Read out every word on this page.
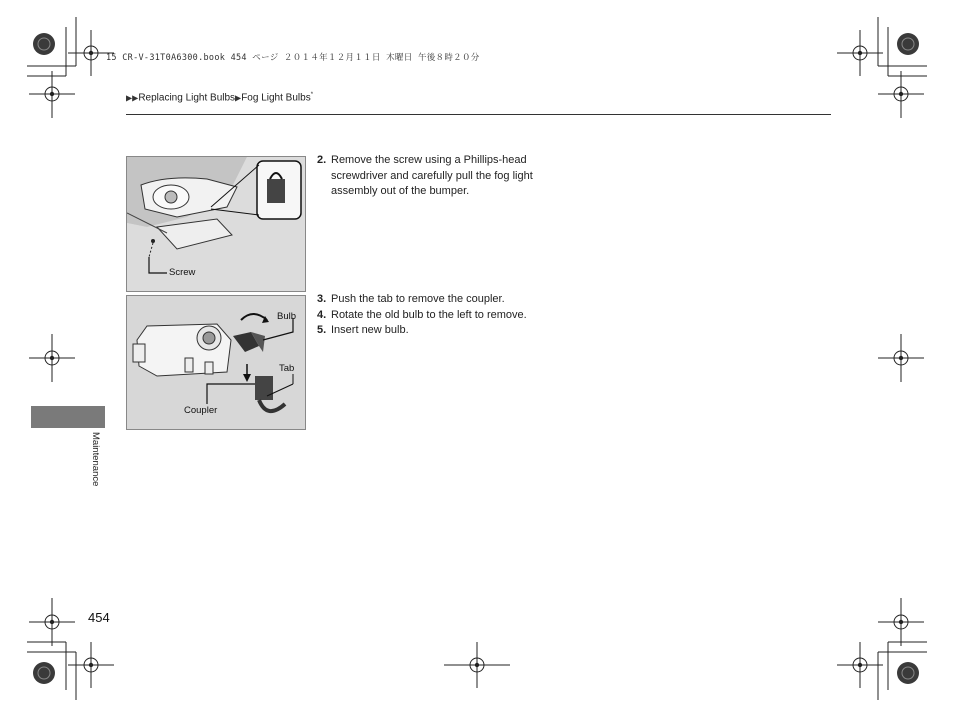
15 CR-V-31T0A6300.book 454 ページ ２０１４年１２月１１日 木曜日 午後８時２０分
▶▶Replacing Light Bulbs▶Fog Light Bulbs*
Screw
Bulb
Tab
Coupler
2. Remove the screw using a Phillips-head screwdriver and carefully pull the fog light assembly out of the bumper.
3. Push the tab to remove the coupler.
4. Rotate the old bulb to the left to remove.
5. Insert new bulb.
Maintenance
454
